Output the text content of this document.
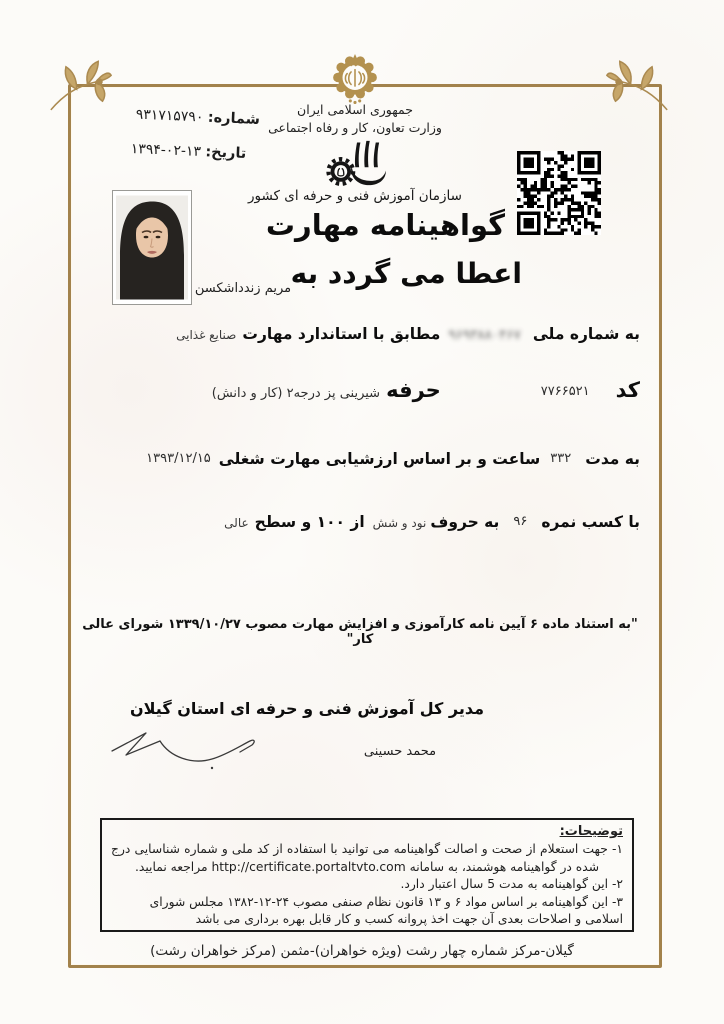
جمهوری اسلامی ایران
وزارت تعاون، کار و رفاه اجتماعی
سازمان آموزش فنی و حرفه ای کشور
شماره: ۹۳۱۷۱۵۷۹۰
تاریخ: ۱۳۹۴-۰۲-۱۳
مریم زندداشکسن
گواهینامه مهارت
اعطا می گردد به
به شماره ملی
۹۶۹۳۸۸۰۴۶۷
مطابق با استاندارد مهارت
صنایع غذایی
کد
۷۷۶۶۵۲۱
حرفه
شیرینی پز درجه۲ (کار و دانش)
به مدت
۳۳۲
ساعت و بر اساس ارزشیابی مهارت شغلی
۱۳۹۳/۱۲/۱۵
با کسب نمره
۹۶
به حروف
نود و شش
از ۱۰۰ و سطح
عالی
"به استناد ماده ۶ آیین نامه کارآموزی و افزایش مهارت مصوب ۱۳۳۹/۱۰/۲۷ شورای عالی کار"
مدیر کل آموزش فنی و حرفه ای استان گیلان
محمد حسینی
توضیحات:
۱- جهت استعلام از صحت و اصالت گواهینامه می توانید با استفاده از کد ملی و شماره شناسایی درج شده در گواهینامه هوشمند، به سامانه http://certificate.portaltvto.com مراجعه نمایید.
۲- این گواهینامه به مدت 5 سال اعتبار دارد.
۳- این گواهینامه بر اساس مواد ۶ و ۱۳ قانون نظام صنفی مصوب ۲۴-۱۲-۱۳۸۲ مجلس شورای اسلامی و اصلاحات بعدی آن جهت اخذ پروانه کسب و کار قابل بهره برداری می باشد
گیلان-مرکز شماره چهار رشت (ویژه خواهران)-مثمن (مرکز خواهران رشت)
